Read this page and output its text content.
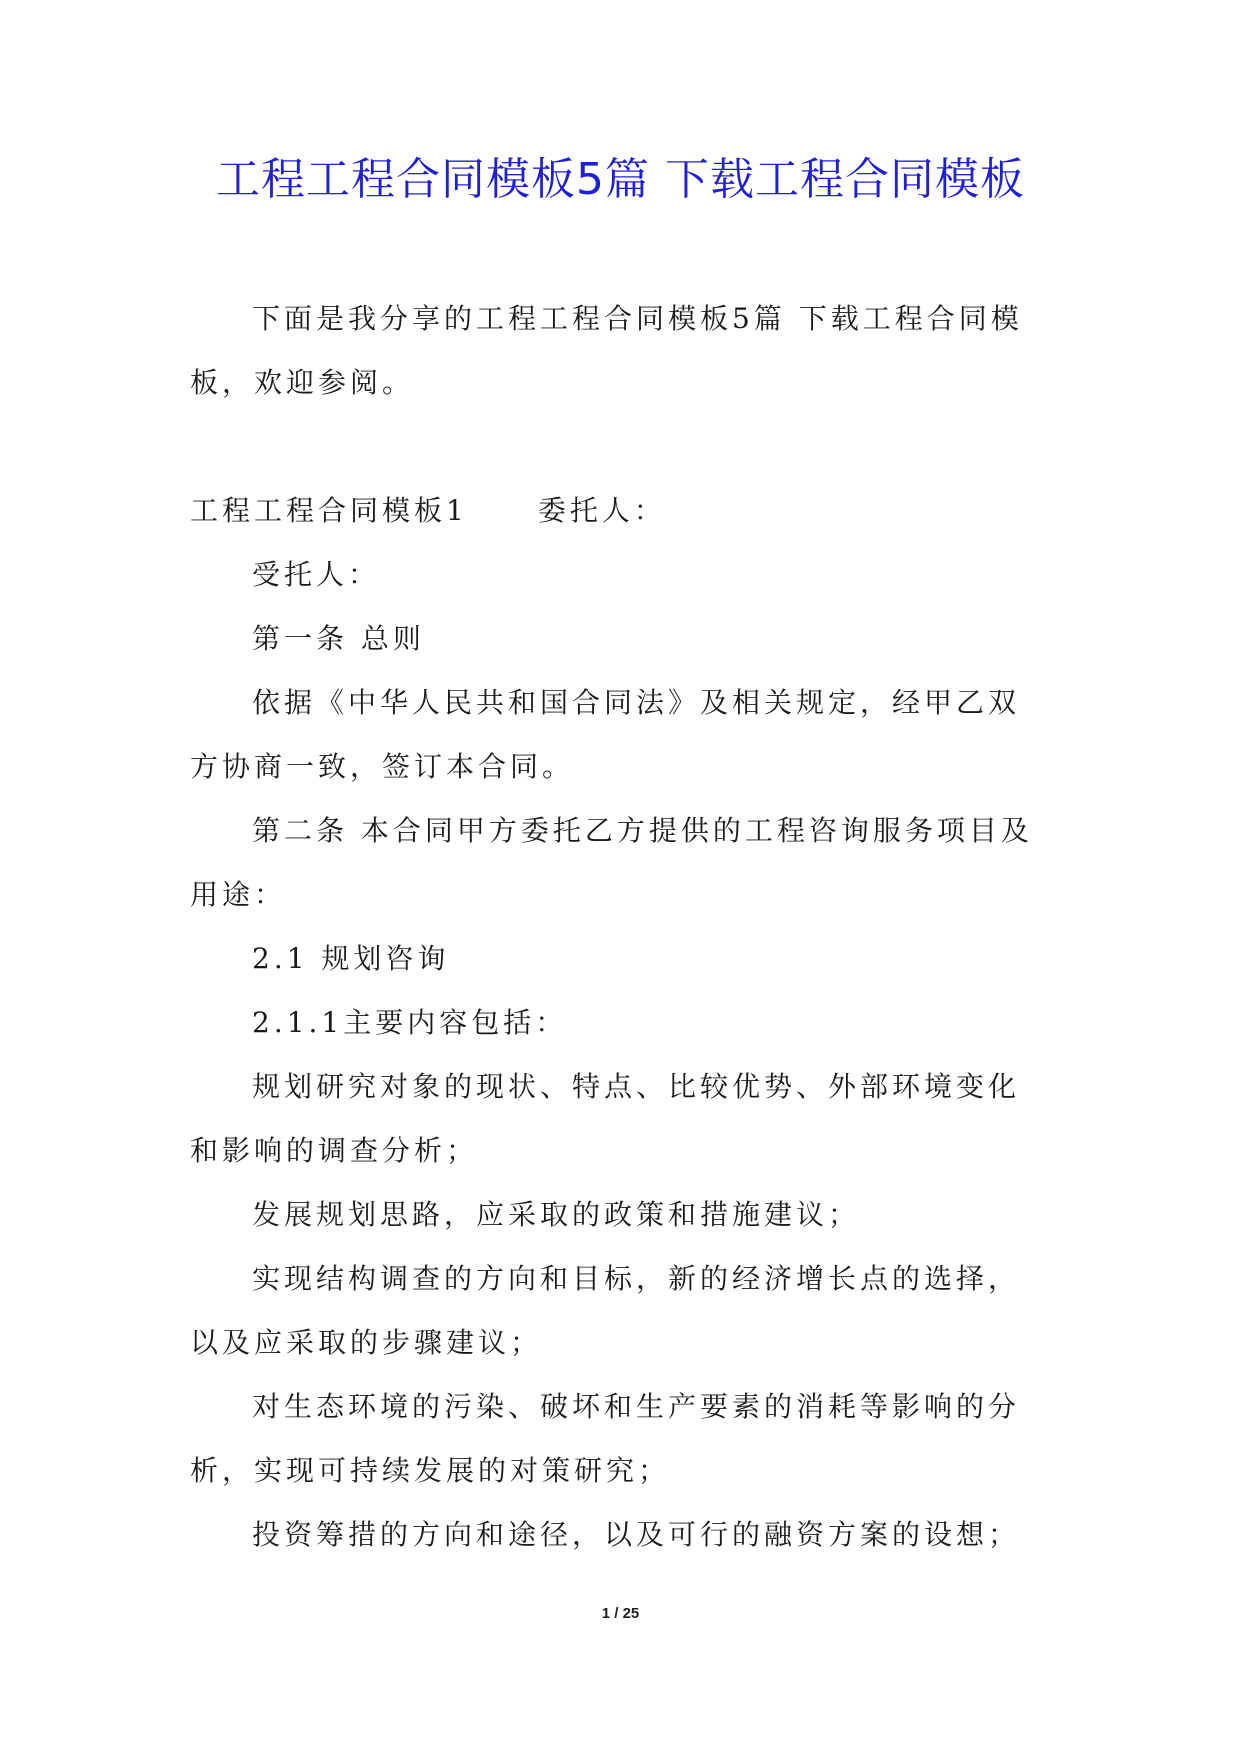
工程工程合同模板5篇 下载工程合同模板

下面是我分享的工程工程合同模板5篇 下载工程合同模板，欢迎参阅。

工程工程合同模板1	委托人：

受托人：

第一条 总则

依据《中华人民共和国合同法》及相关规定，经甲乙双方协商一致，签订本合同。

第二条 本合同甲方委托乙方提供的工程咨询服务项目及用途：

2.1 规划咨询

2.1.1主要内容包括：

规划研究对象的现状、特点、比较优势、外部环境变化和影响的调查分析；

发展规划思路，应采取的政策和措施建议；

实现结构调查的方向和目标，新的经济增长点的选择，以及应采取的步骤建议；

对生态环境的污染、破坏和生产要素的消耗等影响的分析，实现可持续发展的对策研究；

投资筹措的方向和途径，以及可行的融资方案的设想；

1 / 25
